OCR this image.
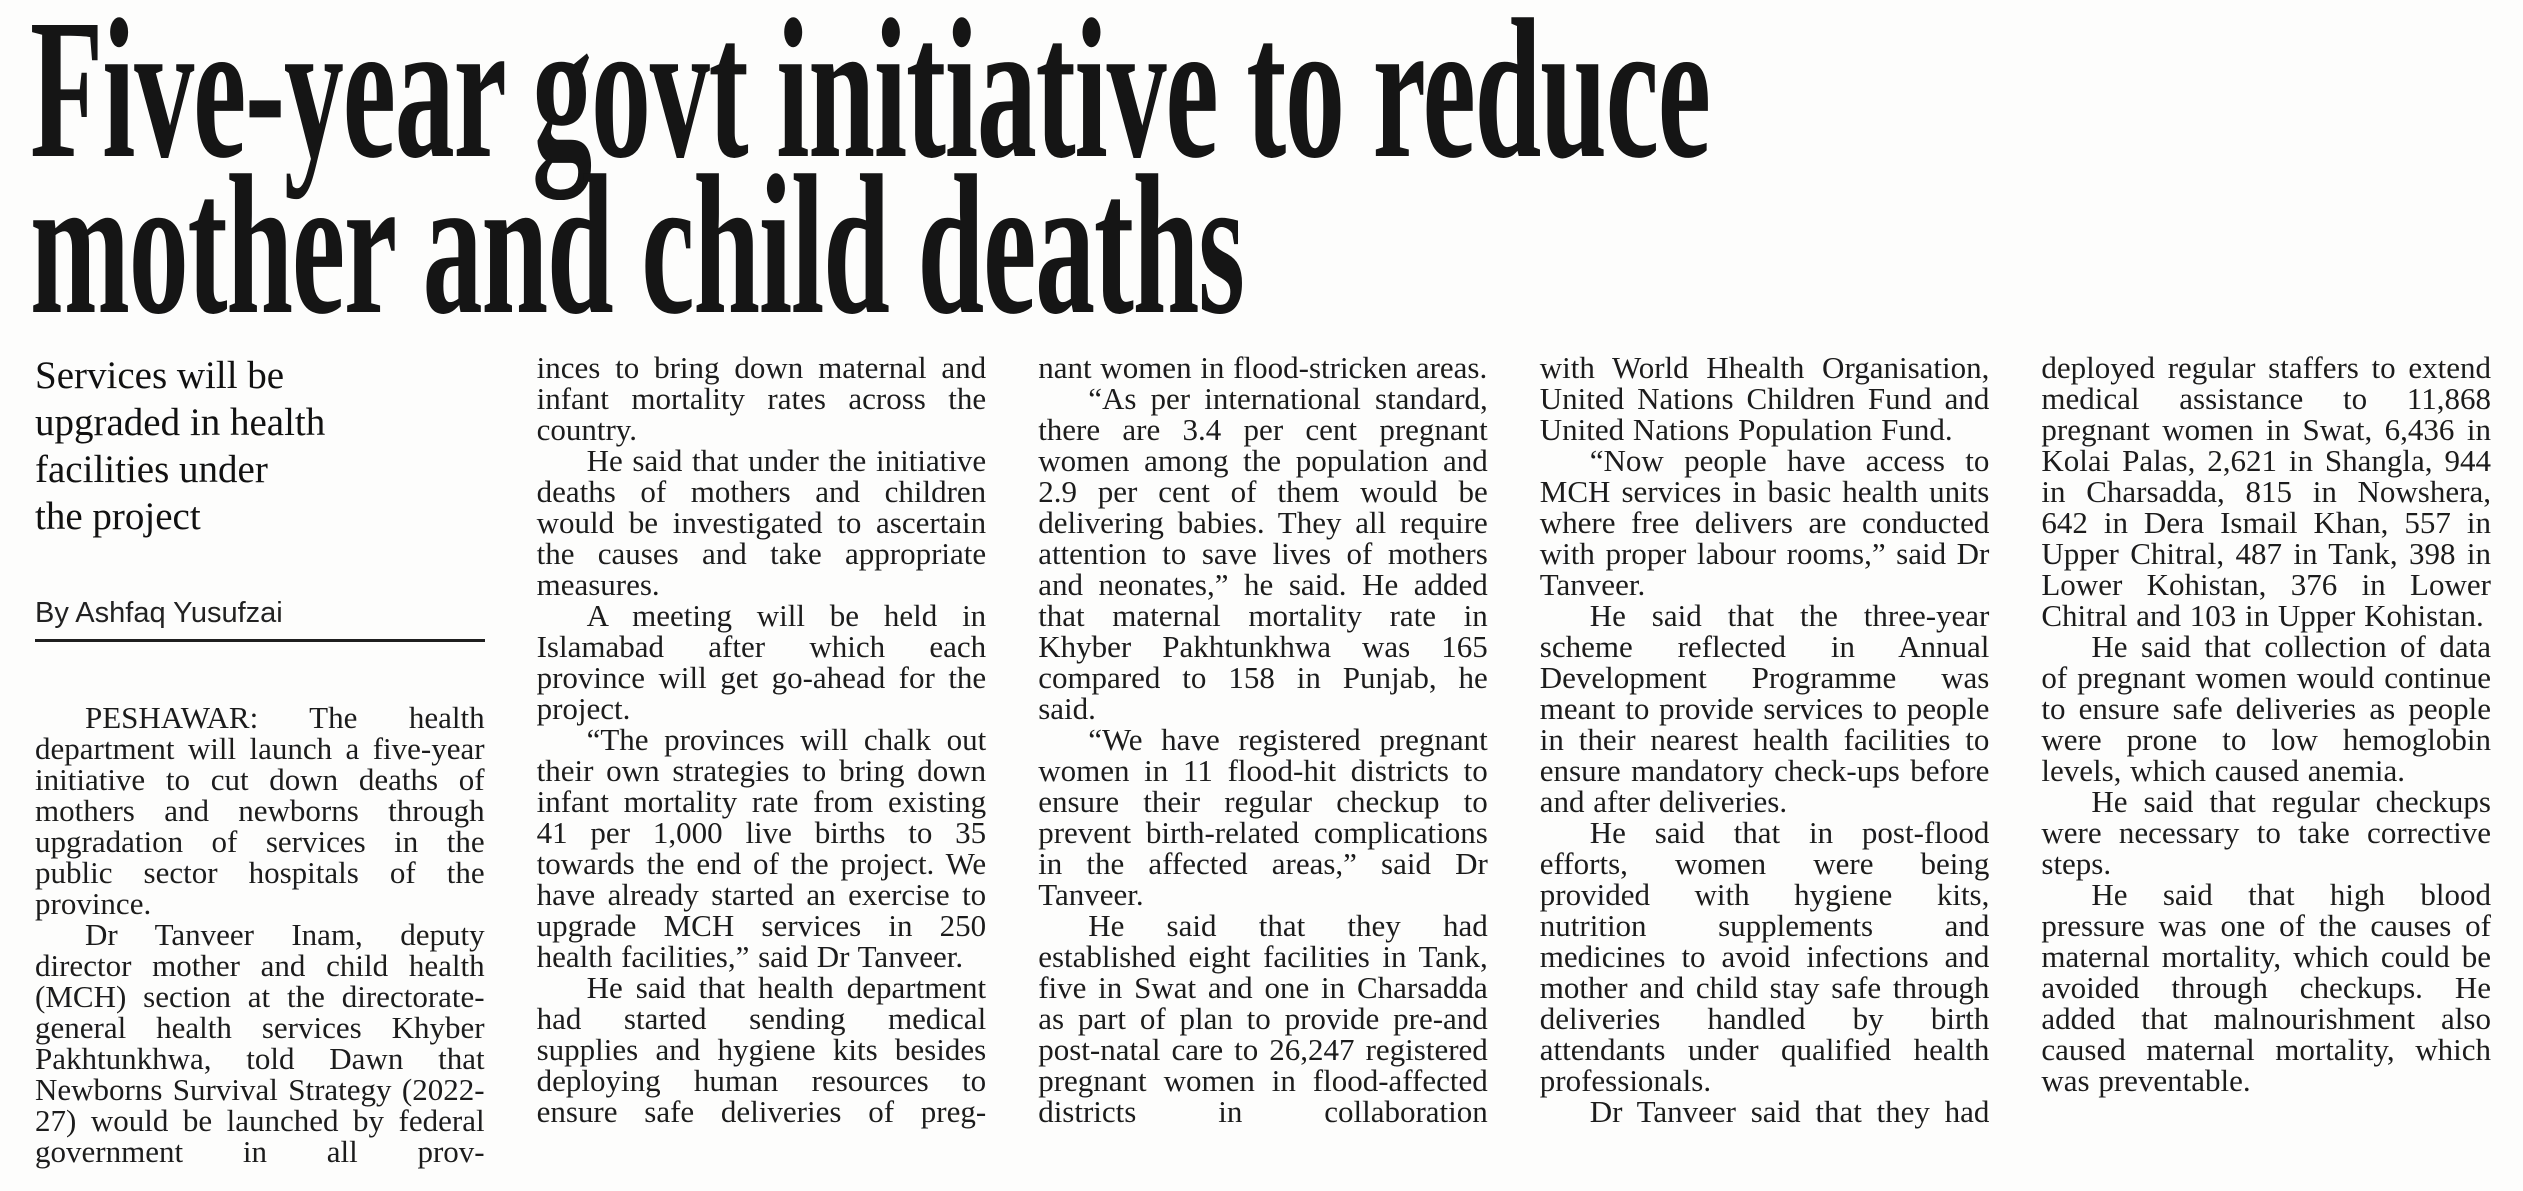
Five-year govt initiative to reduce
mother and child deaths
Services will be
upgraded in health
facilities under
the project
By Ashfaq Yusufzai

PESHAWAR: The health department will launch a five-year initiative to cut down deaths of mothers and newborns through upgradation of services in the public sector hospitals of the province.

Dr Tanveer Inam, deputy director mother and child health (MCH) section at the directorate-general health services Khyber Pakhtunkhwa, told Dawn that Newborns Survival Strategy (2022-27) would be launched by federal government in all prov-

inces to bring down maternal and infant mortality rates across the country.

He said that under the initiative deaths of mothers and children would be investigated to ascertain the causes and take appropriate measures.

A meeting will be held in Islamabad after which each province will get go-ahead for the project.

“The provinces will chalk out their own strategies to bring down infant mortality rate from existing 41 per 1,000 live births to 35 towards the end of the project. We have already started an exercise to upgrade MCH services in 250 health facilities,” said Dr Tanveer.

He said that health department had started sending medical supplies and hygiene kits besides deploying human resources to ensure safe deliveries of preg-

nant women in flood-stricken areas.

“As per international standard, there are 3.4 per cent pregnant women among the population and 2.9 per cent of them would be delivering babies. They all require attention to save lives of mothers and neonates,” he said. He added that maternal mortality rate in Khyber Pakhtunkhwa was 165 compared to 158 in Punjab, he said.

“We have registered pregnant women in 11 flood-hit districts to ensure their regular checkup to prevent birth-related complications in the affected areas,” said Dr Tanveer.

He said that they had established eight facilities in Tank, five in Swat and one in Charsadda as part of plan to provide pre-and post-natal care to 26,247 registered pregnant women in flood-affected districts in collaboration

with World Hhealth Organisation, United Nations Children Fund and United Nations Population Fund.

“Now people have access to MCH services in basic health units where free delivers are conducted with proper labour rooms,” said Dr Tanveer.

He said that the three-year scheme reflected in Annual Development Programme was meant to provide services to people in their nearest health facilities to ensure mandatory check-ups before and after deliveries.

He said that in post-flood efforts, women were being provided with hygiene kits, nutrition supplements and medicines to avoid infections and mother and child stay safe through deliveries handled by birth attendants under qualified health professionals.

Dr Tanveer said that they had

deployed regular staffers to extend medical assistance to 11,868 pregnant women in Swat, 6,436 in Kolai Palas, 2,621 in Shangla, 944 in Charsadda, 815 in Nowshera, 642 in Dera Ismail Khan, 557 in Upper Chitral, 487 in Tank, 398 in Lower Kohistan, 376 in Lower Chitral and 103 in Upper Kohistan.

He said that collection of data of pregnant women would continue to ensure safe deliveries as people were prone to low hemoglobin levels, which caused anemia.

He said that regular checkups were necessary to take corrective steps.

He said that high blood pressure was one of the causes of maternal mortality, which could be avoided through checkups. He added that malnourishment also caused maternal mortality, which was preventable.
